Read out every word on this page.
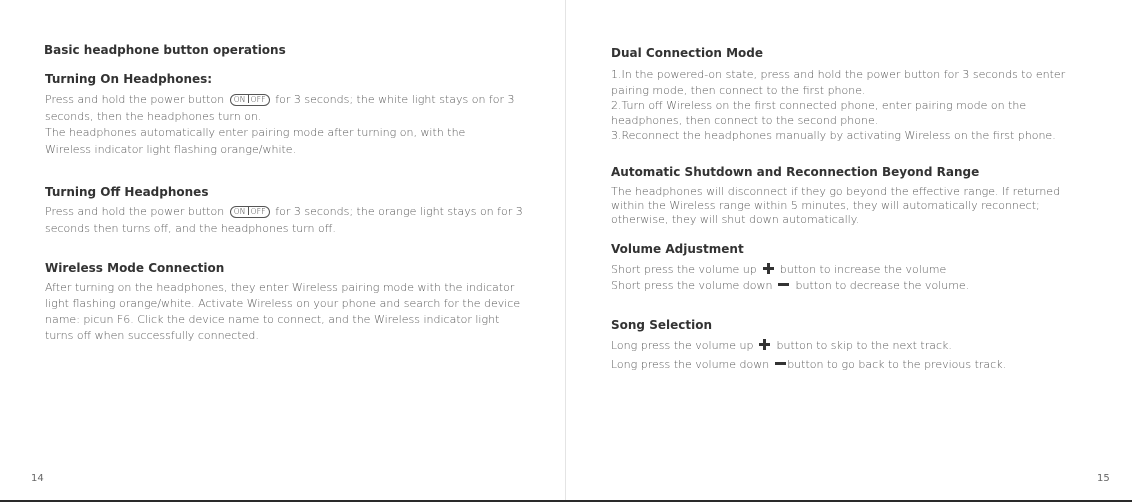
Basic headphone button operations
Turning On Headphones:
Press and hold the power button ON OFF for 3 seconds; the white light stays on for 3
seconds, then the headphones turn on.
The headphones automatically enter pairing mode after turning on, with the
Wireless indicator light flashing orange/white.
Turning Off Headphones
Press and hold the power button ON OFF for 3 seconds; the orange light stays on for 3
seconds then turns off, and the headphones turn off.
Wireless Mode Connection
After turning on the headphones, they enter Wireless pairing mode with the indicator
light flashing orange/white. Activate Wireless on your phone and search for the device
name: picun F6. Click the device name to connect, and the Wireless indicator light
turns off when successfully connected.
14
Dual Connection Mode
1.In the powered-on state, press and hold the power button for 3 seconds to enter
pairing mode, then connect to the first phone.
2.Turn off Wireless on the first connected phone, enter pairing mode on the
headphones, then connect to the second phone.
3.Reconnect the headphones manually by activating Wireless on the first phone.
Automatic Shutdown and Reconnection Beyond Range
The headphones will disconnect if they go beyond the effective range. If returned
within the Wireless range within 5 minutes, they will automatically reconnect;
otherwise, they will shut down automatically.
Volume Adjustment
Short press the volume up button to increase the volume
Short press the volume down button to decrease the volume.
Song Selection
Long press the volume up button to skip to the next track.
Long press the volume down button to go back to the previous track.
15
